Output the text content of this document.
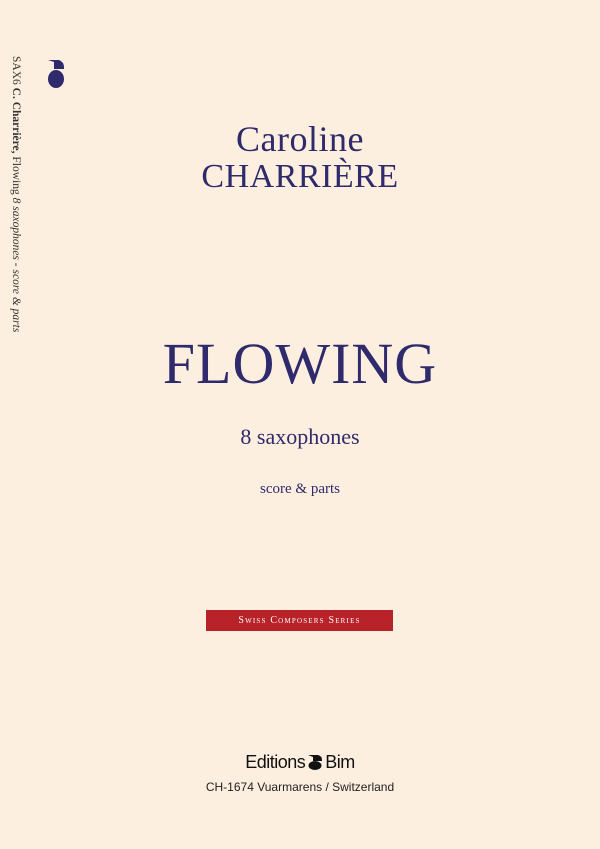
SAX6 C. Charrière, Flowing 8 saxophones - score & parts
Caroline
CHARRIÈRE
FLOWING
8 saxophones
score & parts
Swiss Composers Series
Editions Bim
CH-1674 Vuarmarens / Switzerland
